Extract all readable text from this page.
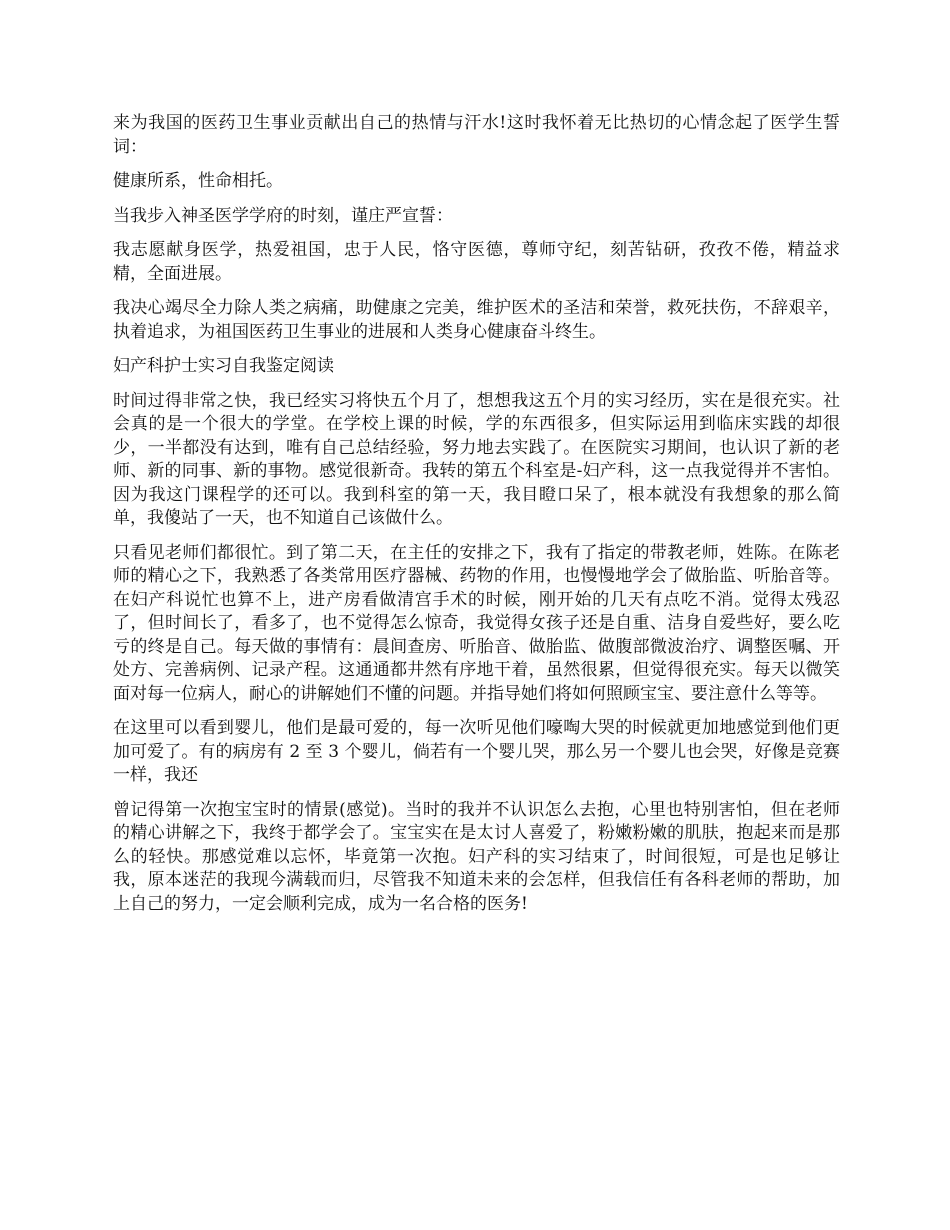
来为我国的医药卫生事业贡献出自己的热情与汗水!这时我怀着无比热切的心情念起了医学生誓词：

健康所系，性命相托。

当我步入神圣医学学府的时刻，谨庄严宣誓：

我志愿献身医学，热爱祖国，忠于人民，恪守医德，尊师守纪，刻苦钻研，孜孜不倦，精益求精，全面进展。

我决心竭尽全力除人类之病痛，助健康之完美，维护医术的圣洁和荣誉，救死扶伤，不辞艰辛，执着追求，为祖国医药卫生事业的进展和人类身心健康奋斗终生。

妇产科护士实习自我鉴定阅读

时间过得非常之快，我已经实习将快五个月了，想想我这五个月的实习经历，实在是很充实。社会真的是一个很大的学堂。在学校上课的时候，学的东西很多，但实际运用到临床实践的却很少，一半都没有达到，唯有自己总结经验，努力地去实践了。在医院实习期间，也认识了新的老师、新的同事、新的事物。感觉很新奇。我转的第五个科室是-妇产科，这一点我觉得并不害怕。因为我这门课程学的还可以。我到科室的第一天，我目瞪口呆了，根本就没有我想象的那么简单，我傻站了一天，也不知道自己该做什么。

只看见老师们都很忙。到了第二天，在主任的安排之下，我有了指定的带教老师，姓陈。在陈老师的精心之下，我熟悉了各类常用医疗器械、药物的作用，也慢慢地学会了做胎监、听胎音等。在妇产科说忙也算不上，进产房看做清宫手术的时候，刚开始的几天有点吃不消。觉得太残忍了，但时间长了，看多了，也不觉得怎么惊奇，我觉得女孩子还是自重、洁身自爱些好，要么吃亏的终是自己。每天做的事情有：晨间查房、听胎音、做胎监、做腹部微波治疗、调整医嘱、开处方、完善病例、记录产程。这通通都井然有序地干着，虽然很累，但觉得很充实。每天以微笑面对每一位病人，耐心的讲解她们不懂的问题。并指导她们将如何照顾宝宝、要注意什么等等。

在这里可以看到婴儿，他们是最可爱的，每一次听见他们嚎啕大哭的时候就更加地感觉到他们更加可爱了。有的病房有 2 至 3 个婴儿，倘若有一个婴儿哭，那么另一个婴儿也会哭，好像是竞赛一样，我还

曾记得第一次抱宝宝时的情景(感觉)。当时的我并不认识怎么去抱，心里也特别害怕，但在老师的精心讲解之下，我终于都学会了。宝宝实在是太讨人喜爱了，粉嫩粉嫩的肌肤，抱起来而是那么的轻快。那感觉难以忘怀，毕竟第一次抱。妇产科的实习结束了，时间很短，可是也足够让我，原本迷茫的我现今满载而归，尽管我不知道未来的会怎样，但我信任有各科老师的帮助，加上自己的努力，一定会顺利完成，成为一名合格的医务!
